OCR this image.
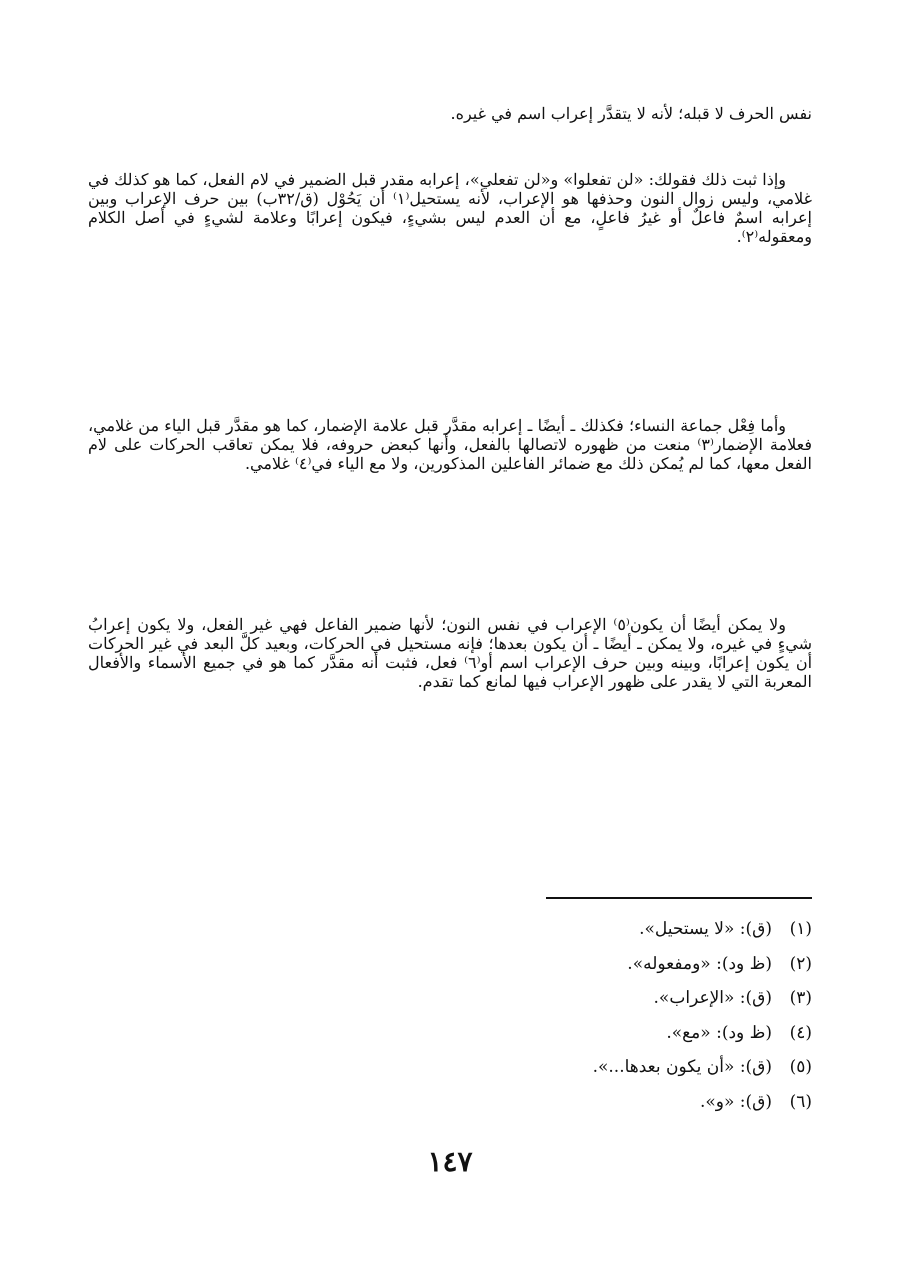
نفس الحرف لا قبله؛ لأنه لا يتقدَّر إعراب اسم في غيره.

وإذا ثبت ذلك فقولك: «لن تفعلوا» و«لن تفعلي»، إعرابه مقدر قبل الضمير في لام الفعل، كما هو كذلك في غلامي، وليس زوال النون وحذفها هو الإعراب، لأنه يستحيل⁽١⁾ أن يَحُوْل (ق/٣٢ب) بين حرف الإعراب وبين إعرابه اسمٌ فاعلٌ أو غيرُ فاعلٍ، مع أن العدم ليس بشيءٍ، فيكون إعرابًا وعلامة لشيءٍ في أصل الكلام ومعقوله⁽٢⁾.

وأما فِعْل جماعة النساء؛ فكذلك ـ أيضًا ـ إعرابه مقدَّر قبل علامة الإضمار، كما هو مقدَّر قبل الياء من غلامي، فعلامة الإضمار⁽٣⁾ منعت من ظهوره لاتصالها بالفعل، وأنها كبعض حروفه، فلا يمكن تعاقب الحركات على لام الفعل معها، كما لم يُمكن ذلك مع ضمائر الفاعلين المذكورين، ولا مع الياء في⁽٤⁾ غلامي.

ولا يمكن أيضًا أن يكون⁽٥⁾ الإعراب في نفس النون؛ لأنها ضمير الفاعل فهي غير الفعل، ولا يكون إعرابُ شيءٍ في غيره، ولا يمكن ـ أيضًا ـ أن يكون بعدها؛ فإنه مستحيل في الحركات، وبعيد كلَّ البعد في غير الحركات أن يكون إعرابًا، وبينه وبين حرف الإعراب اسم أو⁽٦⁾ فعل، فثبت أنه مقدَّر كما هو في جميع الأسماء والأفعال المعربة التي لا يقدر على ظهور الإعراب فيها لمانع كما تقدم.

(١)(ق): «لا يستحيل».
(٢)(ظ ود): «ومفعوله».
(٣)(ق): «الإعراب».
(٤)(ظ ود): «مع».
(٥)(ق): «أن يكون بعدها...».
(٦)(ق): «و».
١٤٧
